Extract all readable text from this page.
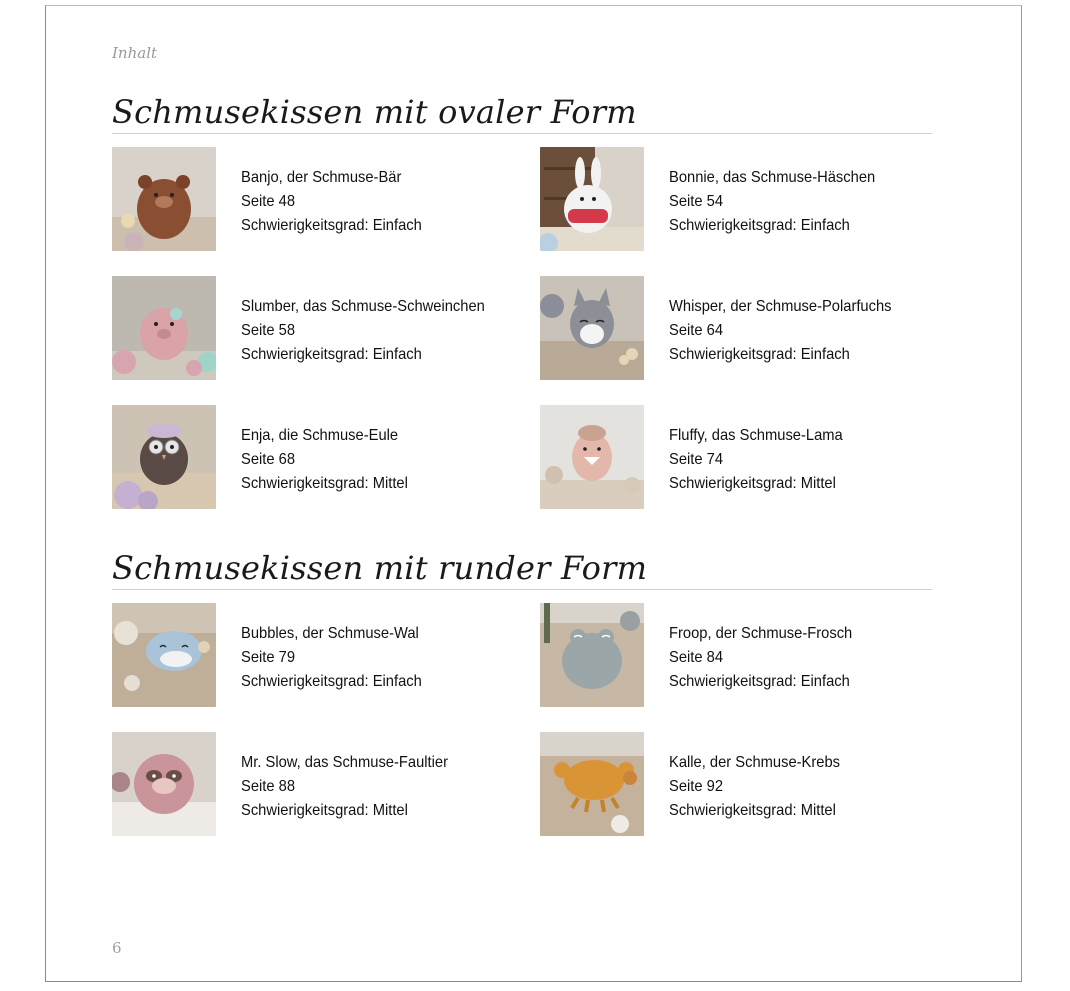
Inhalt
Schmusekissen mit ovaler Form
Banjo, der Schmuse-Bär
Seite 48
Schwierigkeitsgrad: Einfach
Bonnie, das Schmuse-Häschen
Seite 54
Schwierigkeitsgrad: Einfach
Slumber, das Schmuse-Schweinchen
Seite 58
Schwierigkeitsgrad: Einfach
Whisper, der Schmuse-Polarfuchs
Seite 64
Schwierigkeitsgrad: Einfach
Enja, die Schmuse-Eule
Seite 68
Schwierigkeitsgrad: Mittel
Fluffy, das Schmuse-Lama
Seite 74
Schwierigkeitsgrad: Mittel
Schmusekissen mit runder Form
Bubbles, der Schmuse-Wal
Seite 79
Schwierigkeitsgrad: Einfach
Froop, der Schmuse-Frosch
Seite 84
Schwierigkeitsgrad: Einfach
Mr. Slow, das Schmuse-Faultier
Seite 88
Schwierigkeitsgrad: Mittel
Kalle, der Schmuse-Krebs
Seite 92
Schwierigkeitsgrad: Mittel
6
